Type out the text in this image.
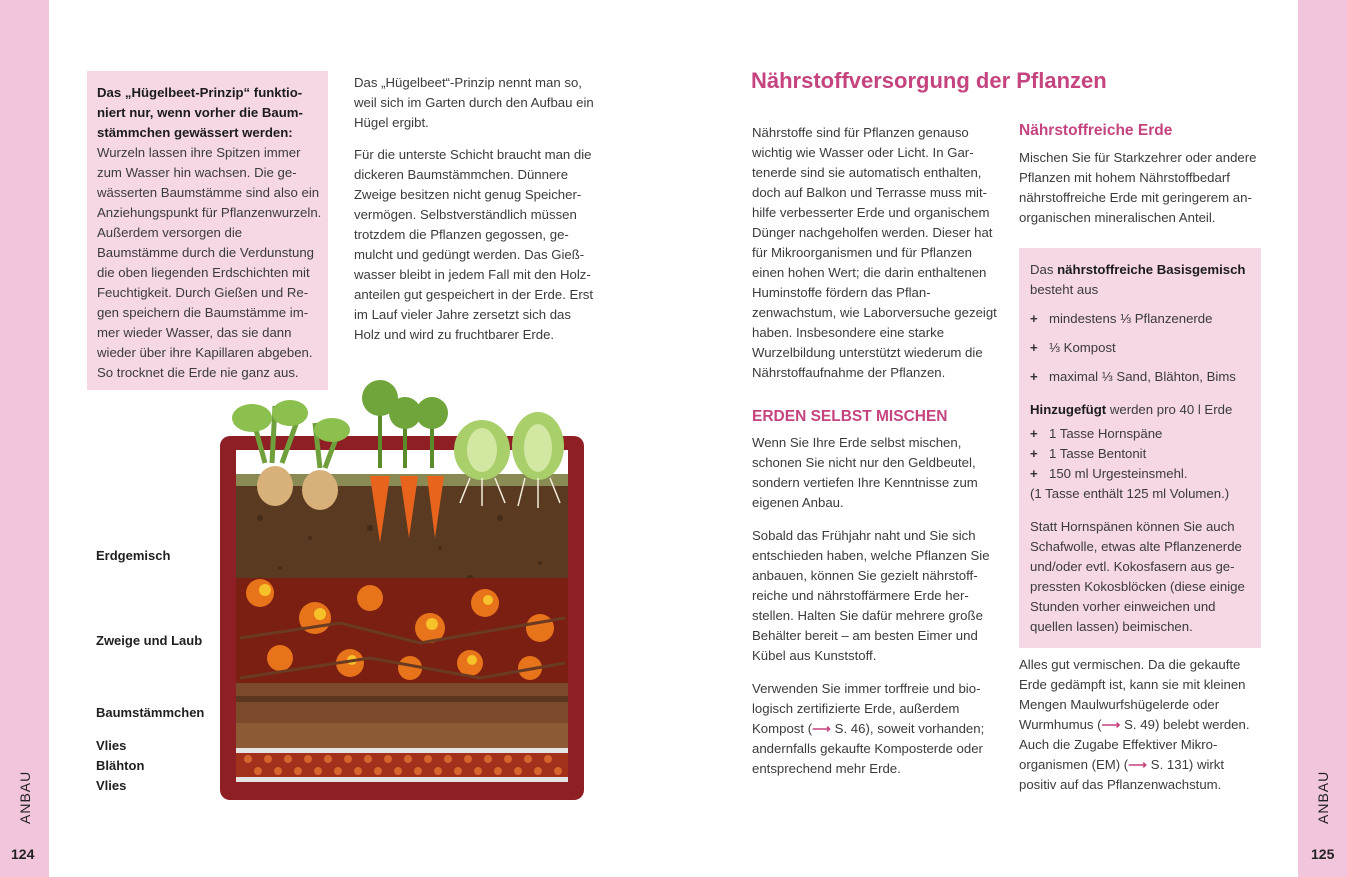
ANBAU
124
Das „Hügelbeet-Prinzip“ funktioniert nur, wenn vorher die Baumstämmchen gewässert werden: Wurzeln lassen ihre Spitzen immer zum Wasser hin wachsen. Die gewässerten Baumstämme sind also ein Anziehungspunkt für Pflanzenwurzeln. Außerdem versorgen die Baumstämme durch die Verdunstung die oben liegenden Erdschichten mit Feuchtigkeit. Durch Gießen und Regen speichern die Baumstämme immer wieder Wasser, das sie dann wieder über ihre Kapillaren abgeben. So trocknet die Erde nie ganz aus.

Das „Hügelbeet“-Prinzip nennt man so, weil sich im Garten durch den Aufbau ein Hügel ergibt.

Für die unterste Schicht braucht man die dickeren Baumstämmchen. Dünnere Zweige besitzen nicht genug Speichervermögen. Selbstverständlich müssen trotzdem die Pflanzen gegossen, gemulcht und gedüngt werden. Das Gießwasser bleibt in jedem Fall mit den Holzanteilen gut gespeichert in der Erde. Erst im Lauf vieler Jahre zersetzt sich das Holz und wird zu fruchtbarer Erde.

Erdgemisch
Zweige und Laub
Baumstämmchen
Vlies
Blähton
Vlies	ANBAU
125
Nährstoffversorgung der Pflanzen

Nährstoffe sind für Pflanzen genauso wichtig wie Wasser oder Licht. In Gartenerde sind sie automatisch enthalten, doch auf Balkon und Terrasse muss mithilfe verbesserter Erde und organischem Dünger nachgeholfen werden. Dieser hat für Mikroorganismen und für Pflanzen einen hohen Wert; die darin enthaltenen Huminstoffe fördern das Pflanzenwachstum, wie Laborversuche gezeigt haben. Insbesondere eine starke Wurzelbildung unterstützt wiederum die Nährstoffaufnahme der Pflanzen.

ERDEN SELBST MISCHEN

Wenn Sie Ihre Erde selbst mischen, schonen Sie nicht nur den Geldbeutel, sondern vertiefen Ihre Kenntnisse zum eigenen Anbau.

Sobald das Frühjahr naht und Sie sich entschieden haben, welche Pflanzen Sie anbauen, können Sie gezielt nährstoffreiche und nährstoffärmere Erde herstellen. Halten Sie dafür mehrere große Behälter bereit – am besten Eimer und Kübel aus Kunststoff.

Verwenden Sie immer torffreie und biologisch zertifizierte Erde, außerdem Kompost (⟶ S. 46), soweit vorhanden; andernfalls gekaufte Komposterde oder entsprechend mehr Erde.

Nährstoffreiche Erde

Mischen Sie für Starkzehrer oder andere Pflanzen mit hohem Nährstoffbedarf nährstoffreiche Erde mit geringerem anorganischen mineralischen Anteil.

Das nährstoffreiche Basisgemisch besteht aus

+ mindestens ⅓ Pflanzenerde
+ ⅓ Kompost
+ maximal ⅓ Sand, Blähton, Bims

Hinzugefügt werden pro 40 l Erde

+ 1 Tasse Hornspäne
+ 1 Tasse Bentonit
+ 150 ml Urgesteinsmehl.
(1 Tasse enthält 125 ml Volumen.)

Statt Hornspänen können Sie auch Schafwolle, etwas alte Pflanzenerde und/oder evtl. Kokosfasern aus gepressten Kokosblöcken (diese einige Stunden vorher einweichen und quellen lassen) beimischen.

Alles gut vermischen. Da die gekaufte Erde gedämpft ist, kann sie mit kleinen Mengen Maulwurfshügelerde oder Wurmhumus (⟶ S. 49) belebt werden. Auch die Zugabe Effektiver Mikroorganismen (EM) (⟶ S. 131) wirkt positiv auf das Pflanzenwachstum.
